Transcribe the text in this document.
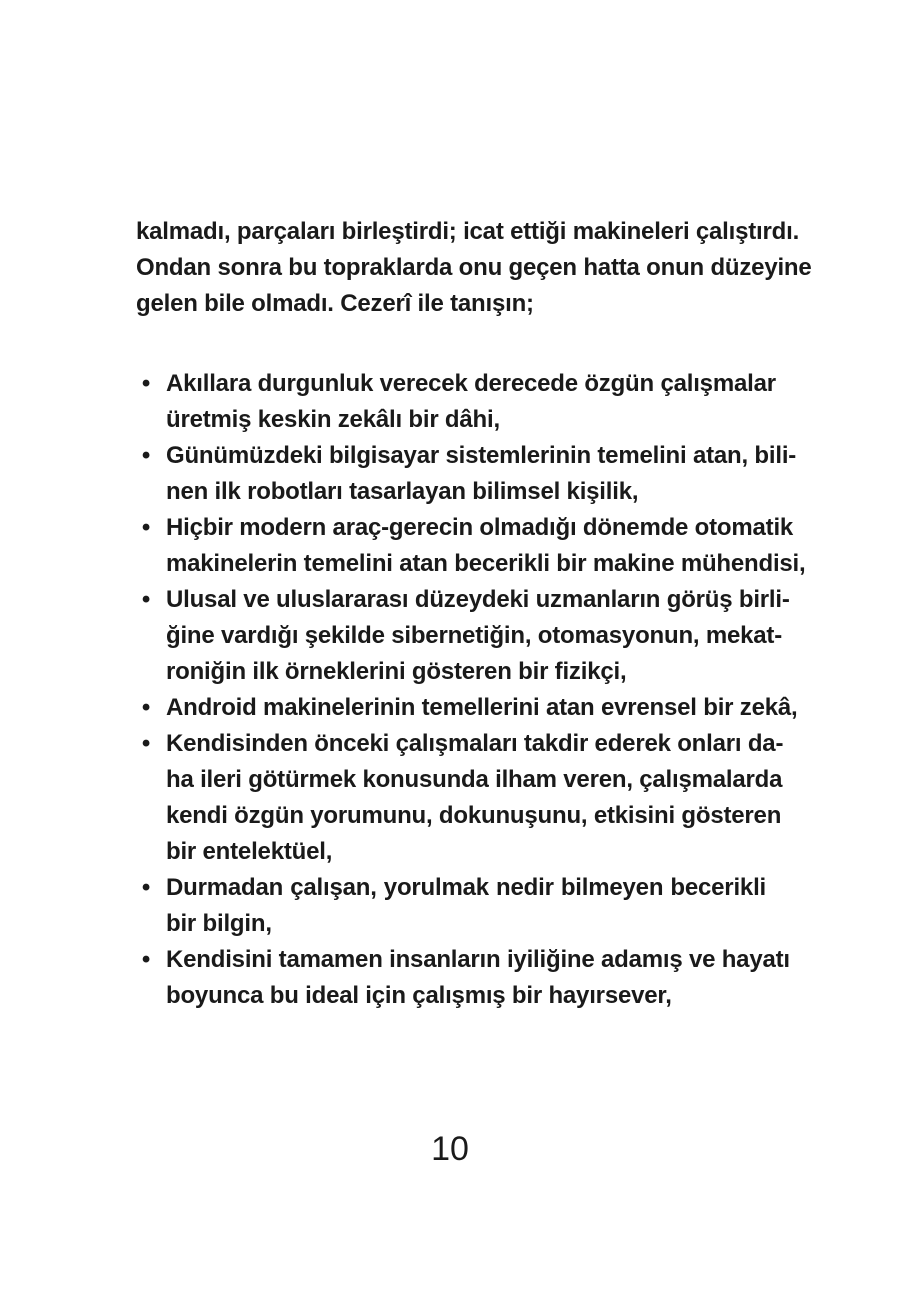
kalmadı, parçaları birleştirdi; icat ettiği makineleri çalıştırdı.
Ondan sonra bu topraklarda onu geçen hatta onun düzeyine
gelen bile olmadı. Cezerî ile tanışın;
• Akıllara durgunluk verecek derecede özgün çalışmalar
üretmiş keskin zekâlı bir dâhi,
• Günümüzdeki bilgisayar sistemlerinin temelini atan, bili-
nen ilk robotları tasarlayan bilimsel kişilik,
• Hiçbir modern araç-gerecin olmadığı dönemde otomatik
makinelerin temelini atan becerikli bir makine mühendisi,
• Ulusal ve uluslararası düzeydeki uzmanların görüş birli-
ğine vardığı şekilde sibernetiğin, otomasyonun, mekat-
roniğin ilk örneklerini gösteren bir fizikçi,
• Android makinelerinin temellerini atan evrensel bir zekâ,
• Kendisinden önceki çalışmaları takdir ederek onları da-
ha ileri götürmek konusunda ilham veren, çalışmalarda
kendi özgün yorumunu, dokunuşunu, etkisini gösteren
bir entelektüel,
• Durmadan çalışan, yorulmak nedir bilmeyen becerikli
bir bilgin,
• Kendisini tamamen insanların iyiliğine adamış ve hayatı
boyunca bu ideal için çalışmış bir hayırsever,
10
